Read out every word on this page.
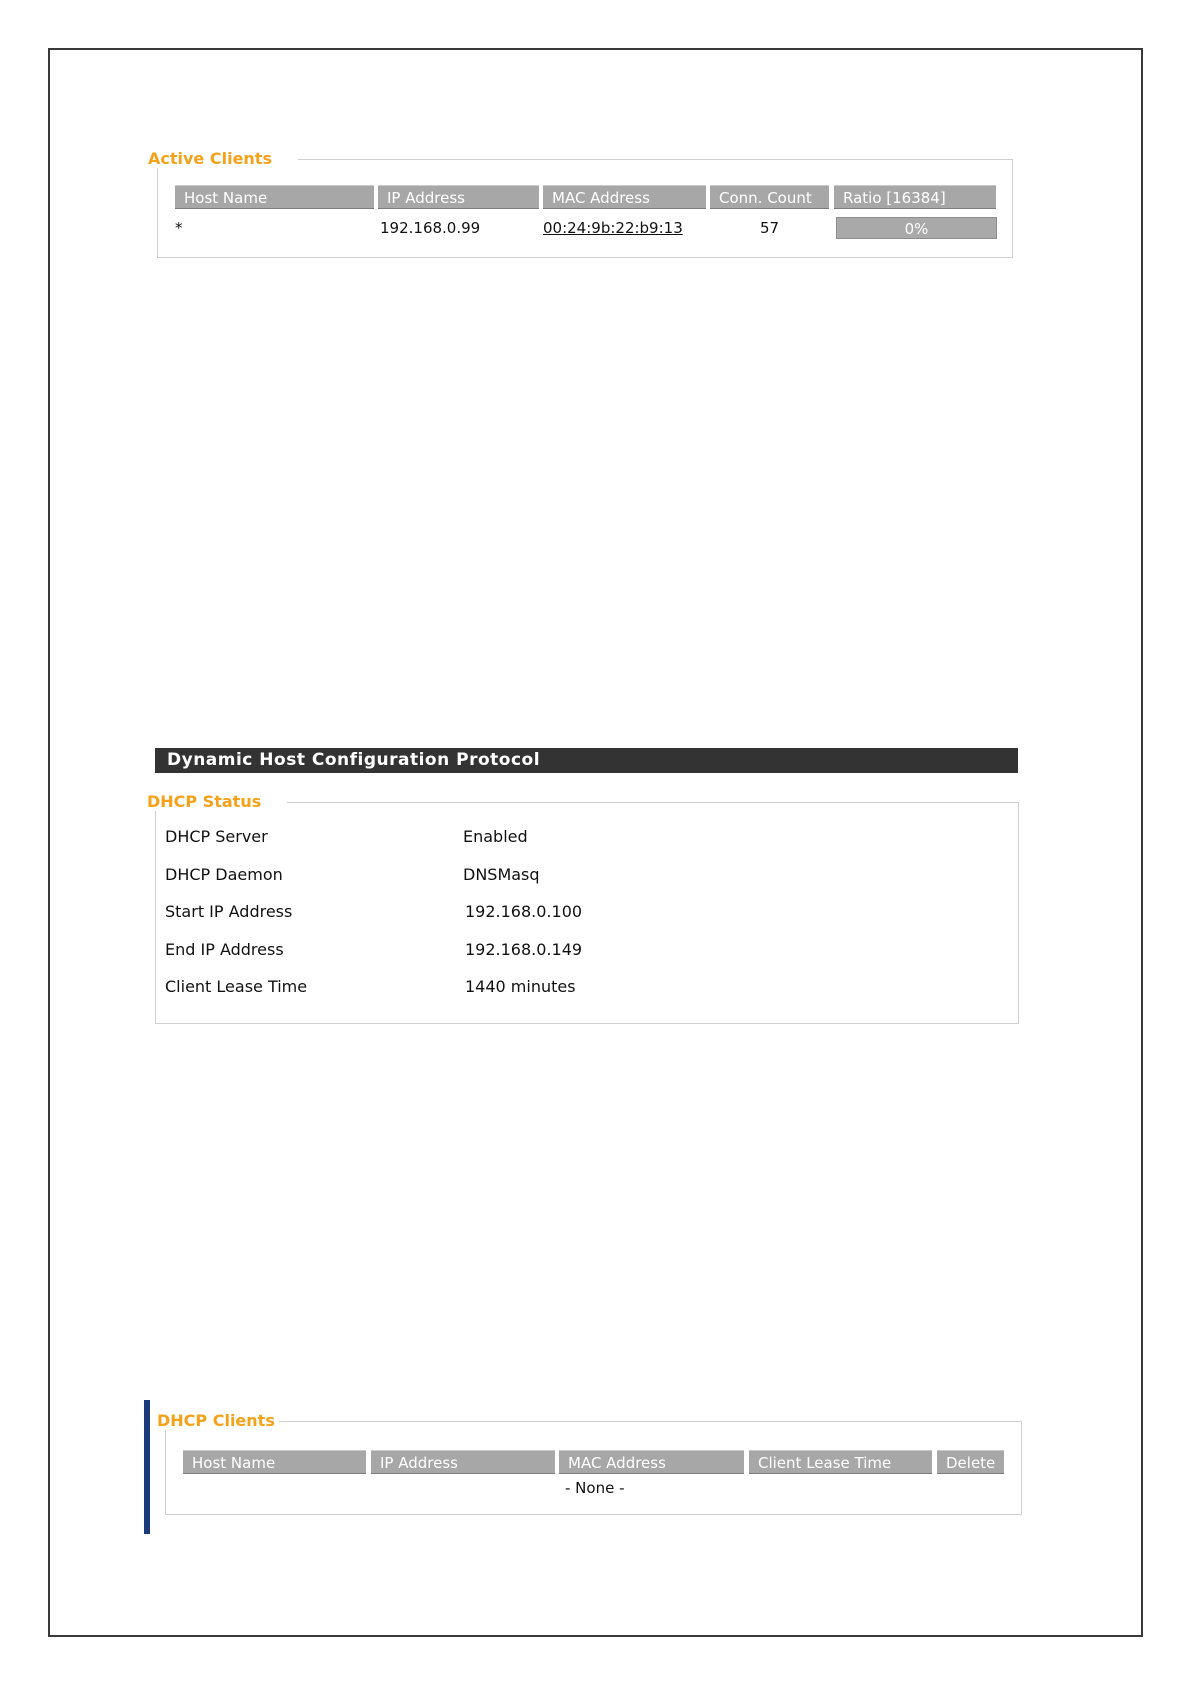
Active Clients
Host Name	IP Address	MAC Address	Conn. Count	Ratio [16384]
*	192.168.0.99	00:24:9b:22:b9:13	57	0%
Dynamic Host Configuration Protocol
DHCP Status
DHCP Server	Enabled
DHCP Daemon	DNSMasq
Start IP Address	192.168.0.100
End IP Address	192.168.0.149
Client Lease Time	1440 minutes
DHCP Clients
Host Name	IP Address	MAC Address	Client Lease Time	Delete
- None -
